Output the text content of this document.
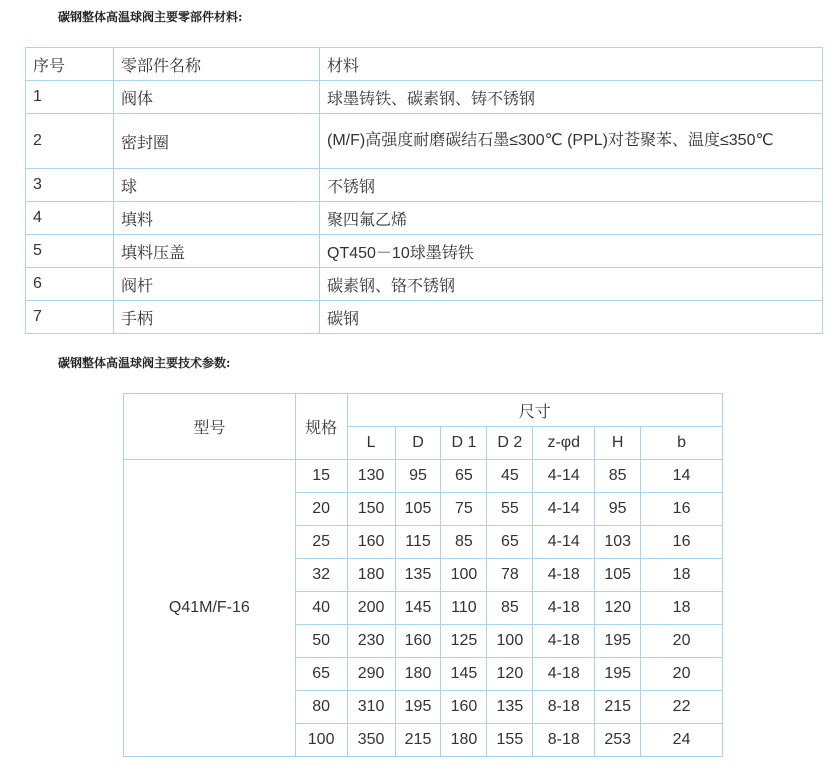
碳钢整体高温球阀主要零部件材料:
序号	零部件名称	材料
1	阀体	球墨铸铁、碳素钢、铸不锈钢
2	密封圈	(M/F)高强度耐磨碳结石墨≤300℃ (PPL)对苍聚苯、温度≤350℃
3	球	不锈钢
4	填料	聚四氟乙烯
5	填料压盖	QT450－10球墨铸铁
6	阀杆	碳素钢、铬不锈钢
7	手柄	碳钢
碳钢整体高温球阀主要技术参数:
型号	规格	尺寸						
		L	D	D 1	D 2	z-φd	H	b
Q41M/F-16	15	130	95	65	45	4-14	85	14
	20	150	105	75	55	4-14	95	16
	25	160	115	85	65	4-14	103	16
	32	180	135	100	78	4-18	105	18
	40	200	145	110	85	4-18	120	18
	50	230	160	125	100	4-18	195	20
	65	290	180	145	120	4-18	195	20
	80	310	195	160	135	8-18	215	22
	100	350	215	180	155	8-18	253	24
